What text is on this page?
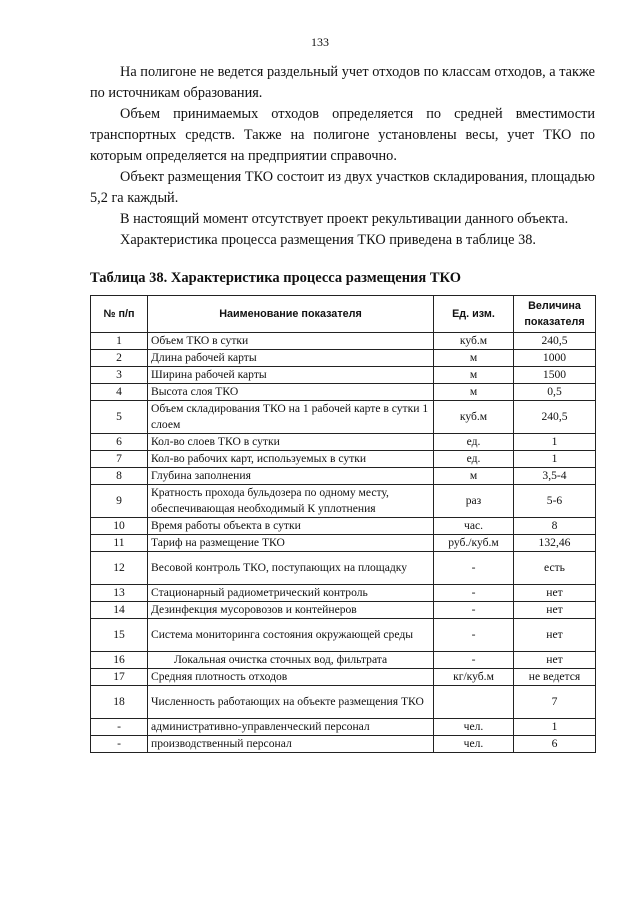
133

На полигоне не ведется раздельный учет отходов по классам отходов, а также по источникам образования.

Объем принимаемых отходов определяется по средней вместимости транспортных средств. Также на полигоне установлены весы, учет ТКО по которым определяется на предприятии справочно.

Объект размещения ТКО состоит из двух участков складирования, площадью 5,2 га каждый.

В настоящий момент отсутствует проект рекультивации данного объекта.

Характеристика процесса размещения ТКО приведена в таблице 38.

Таблица 38. Характеристика процесса размещения ТКО
№ п/п	Наименование показателя	Ед. изм.	Величина показателя
1	Объем ТКО в сутки	куб.м	240,5
2	Длина рабочей карты	м	1000
3	Ширина рабочей карты	м	1500
4	Высота слоя ТКО	м	0,5
5	Объем складирования ТКО на 1 рабочей карте в сутки 1 слоем	куб.м	240,5
6	Кол-во слоев ТКО в сутки	ед.	1
7	Кол-во рабочих карт, используемых в сутки	ед.	1
8	Глубина заполнения	м	3,5-4
9	Кратность прохода бульдозера по одному месту, обеспечивающая необходимый К уплотнения	раз	5-6
10	Время работы объекта в сутки	час.	8
11	Тариф на размещение ТКО	руб./куб.м	132,46
12	Весовой контроль ТКО, поступающих на площадку	-	есть
13	Стационарный радиометрический контроль	-	нет
14	Дезинфекция мусоровозов и контейнеров	-	нет
15	Система мониторинга состояния окружающей среды	-	нет
16	Локальная очистка сточных вод, фильтрата	-	нет
17	Средняя плотность отходов	кг/куб.м	не ведется
18	Численность работающих на объекте размещения ТКО		7
-	административно-управленческий персонал	чел.	1
-	производственный персонал	чел.	6
